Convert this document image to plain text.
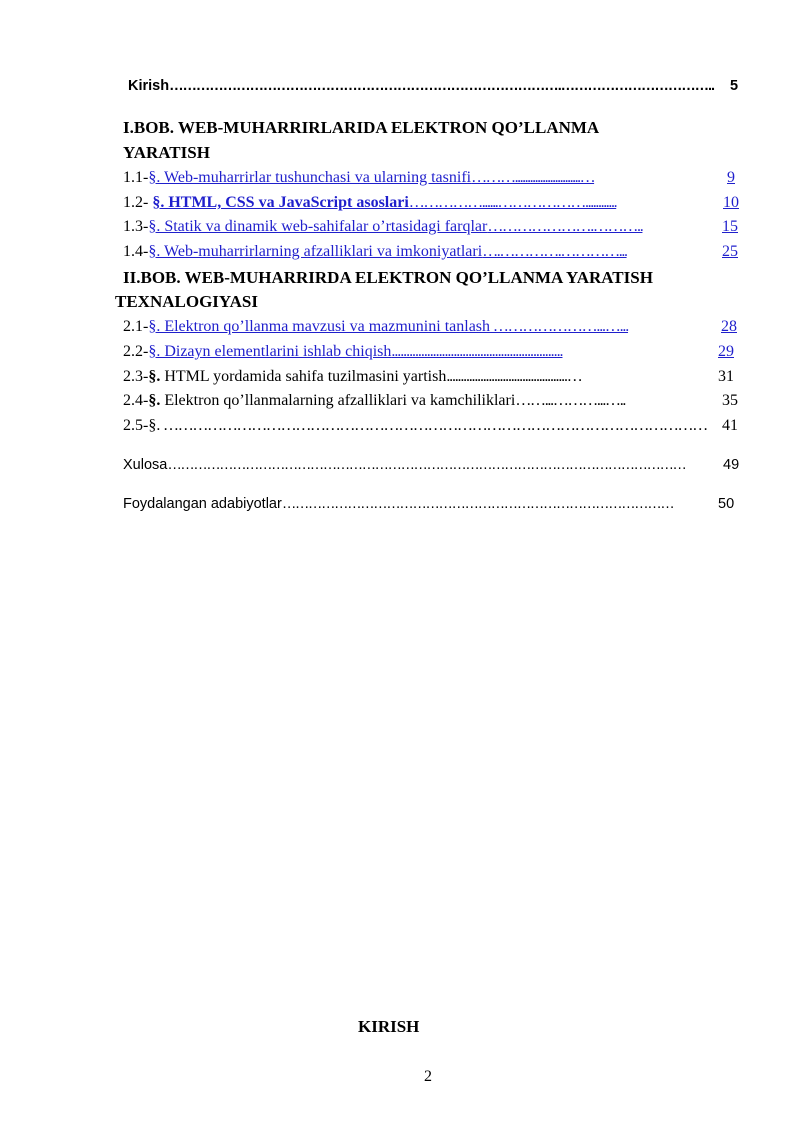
Kirish…………………………………………………………………………….…………………………….. 5
I.BOB. WEB-MUHARRIRLARIDA ELEKTRON QO’LLANMA
YARATISH
1.1-§. Web-muharrirlar tushunchasi va ularning tasnifi………..........................…	9
1.2- §. HTML, CSS va JavaScript asoslari……………......………………............	10
1.3-§. Statik va dinamik web-sahifalar o’rtasidagi farqlar………………….………..	15
1.4-§. Web-muharrirlarning afzalliklari va imkoniyatlari….………….…………...	25
II.BOB. WEB-MUHARRIRDA ELEKTRON QO’LLANMA YARATISH
TEXNALOGIYASI
2.1-§. Elektron qo’llanma mavzusi va mazmunini tanlash …………………...…...	28
2.2-§. Dizayn elementlarini ishlab chiqish..........................................................	29
2.3-§. HTML yordamida sahifa tuzilmasini yartish...........................................…	31
2.4-§. Elektron qo’llanmalarning afzalliklari va kamchiliklari……...………...…..	35
2.5-§. ………………………………………………………………………………………………… 41
Xulosa…………………………………………………………………………………………………………	49
Foydalangan adabiyotlar………………………………………………………………………………	50
KIRISH
2
